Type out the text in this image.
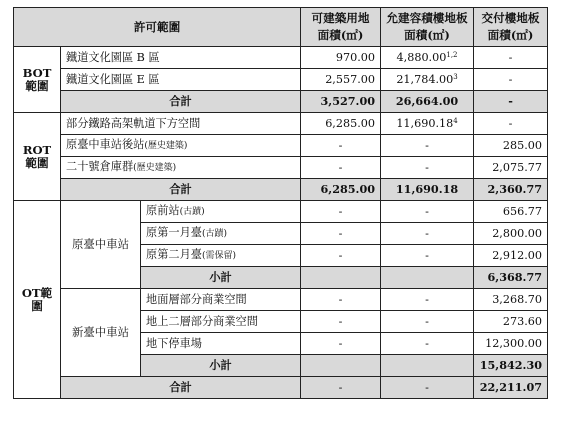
許可範圍			可建築用地面積(㎡)	允建容積樓地板面積(㎡)	交付樓地板面積(㎡)
BOT範圍	鐵道文化園區 B 區		970.00	4,880.00$^{1,2}$	-
	鐵道文化園區 E 區		2,557.00	21,784.00$^3$	-
	合計		3,527.00	26,664.00	-
ROT範圍	部分鐵路高架軌道下方空間		6,285.00	11,690.18$^4$	-
	原臺中車站後站(歷史建築)		-	-	285.00
	二十號倉庫群(歷史建築)		-	-	2,075.77
	合計		6,285.00	11,690.18	2,360.77
OT範圍	原臺中車站	原前站(古蹟)	-	-	656.77
		原第一月臺(古蹟)	-	-	2,800.00
		原第二月臺(需保留)	-	-	2,912.00
		小計			6,368.77
	新臺中車站	地面層部分商業空間	-	-	3,268.70
		地上二層部分商業空間	-	-	273.60
		地下停車場	-	-	12,300.00
		小計			15,842.30
	合計		-	-	22,211.07
